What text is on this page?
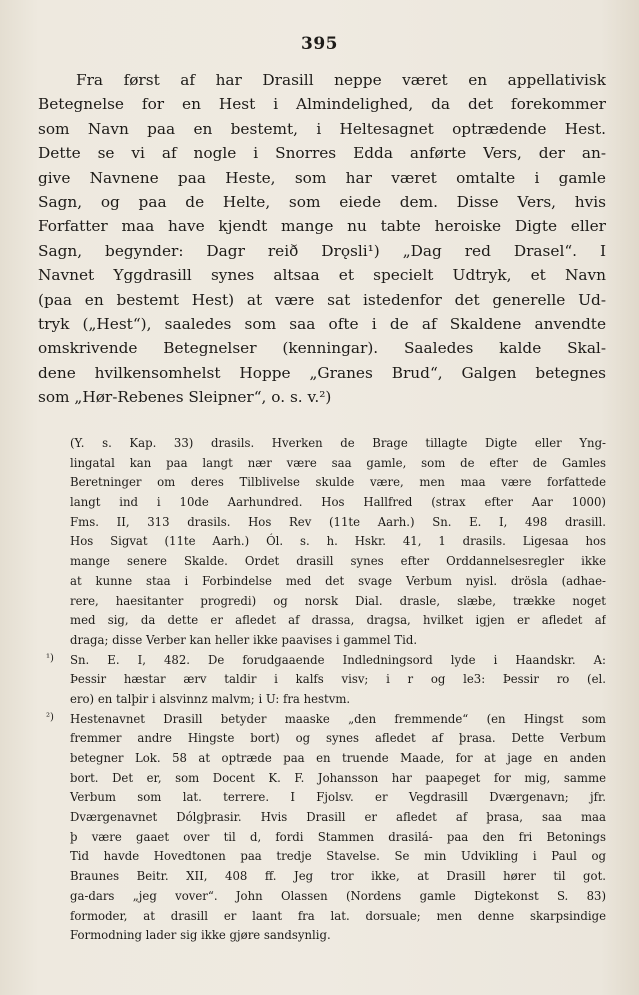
395
Fra først af har Drasill neppe været en appellativisk
Betegnelse for en Hest i Almindelighed, da det forekommer
som Navn paa en bestemt, i Heltesagnet optrædende Hest.
Dette se vi af nogle i Snorres Edda anførte Vers, der an-
give Navnene paa Heste, som har været omtalte i gamle
Sagn, og paa de Helte, som eiede dem. Disse Vers, hvis
Forfatter maa have kjendt mange nu tabte heroiske Digte eller
Sagn, begynder: Dagr reið Drǫsli¹) „Dag red Drasel“. I
Navnet Yggdrasill synes altsaa et specielt Udtryk, et Navn
(paa en bestemt Hest) at være sat istedenfor det generelle Ud-
tryk („Hest“), saaledes som saa ofte i de af Skaldene anvendte
omskrivende Betegnelser (kenningar). Saaledes kalde Skal-
dene hvilkensomhelst Hoppe „Granes Brud“, Galgen betegnes
som „Hør-Rebenes Sleipner“, o. s. v.²)
(Y. s. Kap. 33) drasils. Hverken de Brage tillagte Digte eller Yng-
lingatal kan paa langt nær være saa gamle, som de efter de Gamles
Beretninger om deres Tilblivelse skulde være, men maa være forfattede
langt ind i 10de Aarhundred. Hos Hallfred (strax efter Aar 1000)
Fms. II, 313 drasils. Hos Rev (11te Aarh.) Sn. E. I, 498 drasill.
Hos Sigvat (11te Aarh.) Ól. s. h. Hskr. 41, 1 drasils. Ligesaa hos
mange senere Skalde. Ordet drasill synes efter Orddannelsesregler ikke
at kunne staa i Forbindelse med det svage Verbum nyisl. drösla (adhae-
rere, haesitanter progredi) og norsk Dial. drasle, slæbe, trække noget
med sig, da dette er afledet af drassa, dragsa, hvilket igjen er afledet af
draga; disse Verber kan heller ikke paavises i gammel Tid.
¹) Sn. E. I, 482. De forudgaaende Indledningsord lyde i Haandskr. A:
Þessir hæstar ærv taldir i kalfs visv; i r og le3: Þessir ro (el.
ero) en talþir i alsvinnz malvm; i U: fra hestvm.
²) Hestenavnet Drasill betyder maaske „den fremmende“ (en Hingst som
fremmer andre Hingste bort) og synes afledet af þrasa. Dette Verbum
betegner Lok. 58 at optræde paa en truende Maade, for at jage en anden
bort. Det er, som Docent K. F. Johansson har paapeget for mig, samme
Verbum som lat. terrere. I Fjolsv. er Vegdrasill Dværgenavn; jfr.
Dværgenavnet Dólgþrasir. Hvis Drasill er afledet af þrasa, saa maa
þ være gaaet over til d, fordi Stammen drasilá- paa den fri Betonings
Tid havde Hovedtonen paa tredje Stavelse. Se min Udvikling i Paul og
Braunes Beitr. XII, 408 ff. Jeg tror ikke, at Drasill hører til got.
ga-dars „jeg vover“. John Olassen (Nordens gamle Digtekonst S. 83)
formoder, at drasill er laant fra lat. dorsuale; men denne skarpsindige
Formodning lader sig ikke gjøre sandsynlig.
